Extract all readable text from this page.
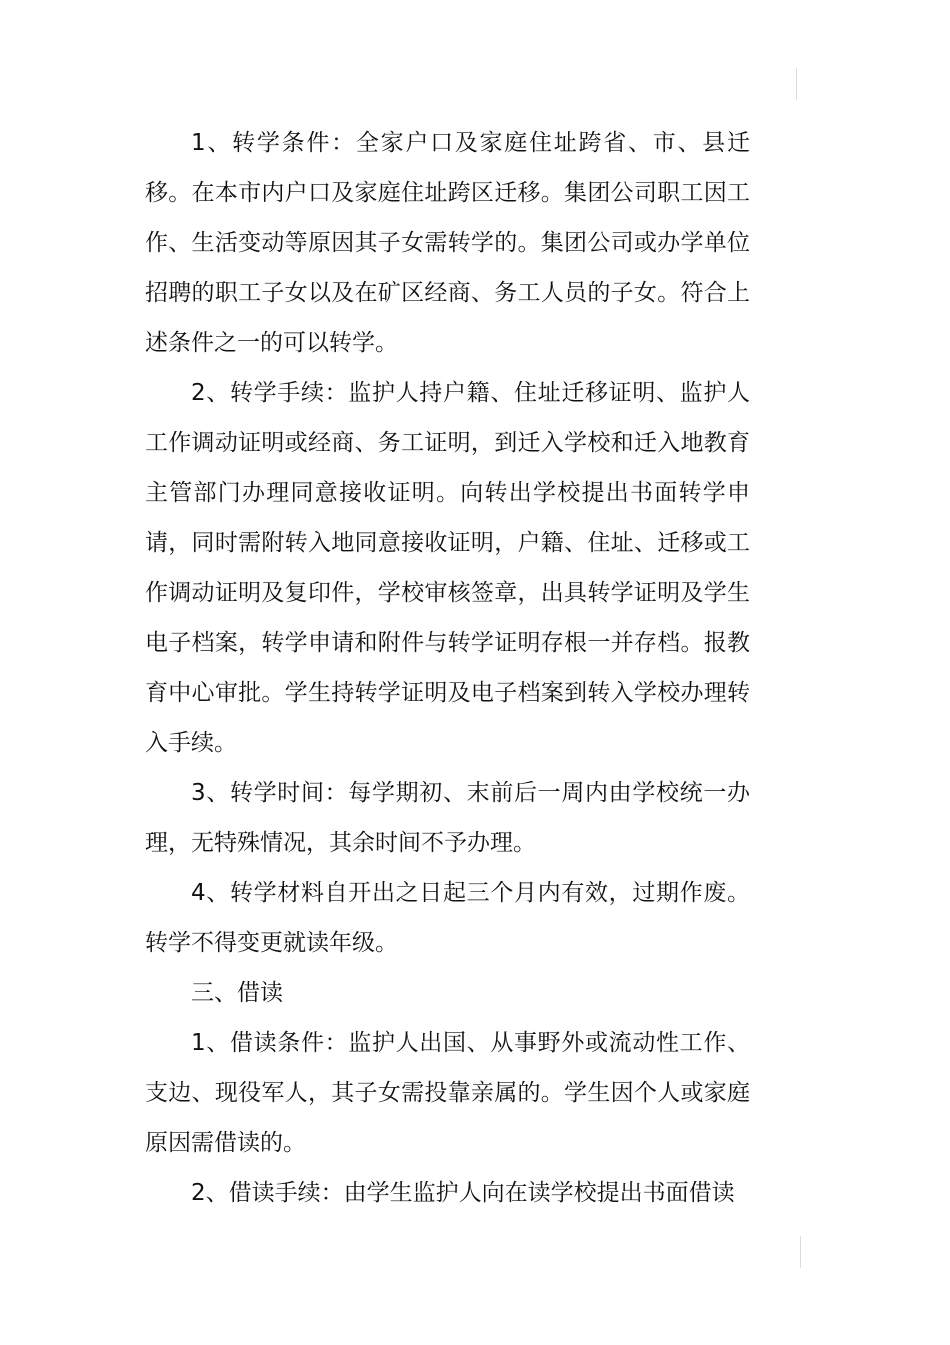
1、转学条件：全家户口及家庭住址跨省、市、县迁移。在本市内户口及家庭住址跨区迁移。集团公司职工因工作、生活变动等原因其子女需转学的。集团公司或办学单位招聘的职工子女以及在矿区经商、务工人员的子女。符合上述条件之一的可以转学。

2、转学手续：监护人持户籍、住址迁移证明、监护人工作调动证明或经商、务工证明，到迁入学校和迁入地教育主管部门办理同意接收证明。向转出学校提出书面转学申请，同时需附转入地同意接收证明，户籍、住址、迁移或工作调动证明及复印件，学校审核签章，出具转学证明及学生电子档案，转学申请和附件与转学证明存根一并存档。报教育中心审批。学生持转学证明及电子档案到转入学校办理转入手续。

3、转学时间：每学期初、末前后一周内由学校统一办理，无特殊情况，其余时间不予办理。

4、转学材料自开出之日起三个月内有效，过期作废。转学不得变更就读年级。

三、借读

1、借读条件：监护人出国、从事野外或流动性工作、支边、现役军人，其子女需投靠亲属的。学生因个人或家庭原因需借读的。

2、借读手续：由学生监护人向在读学校提出书面借读
